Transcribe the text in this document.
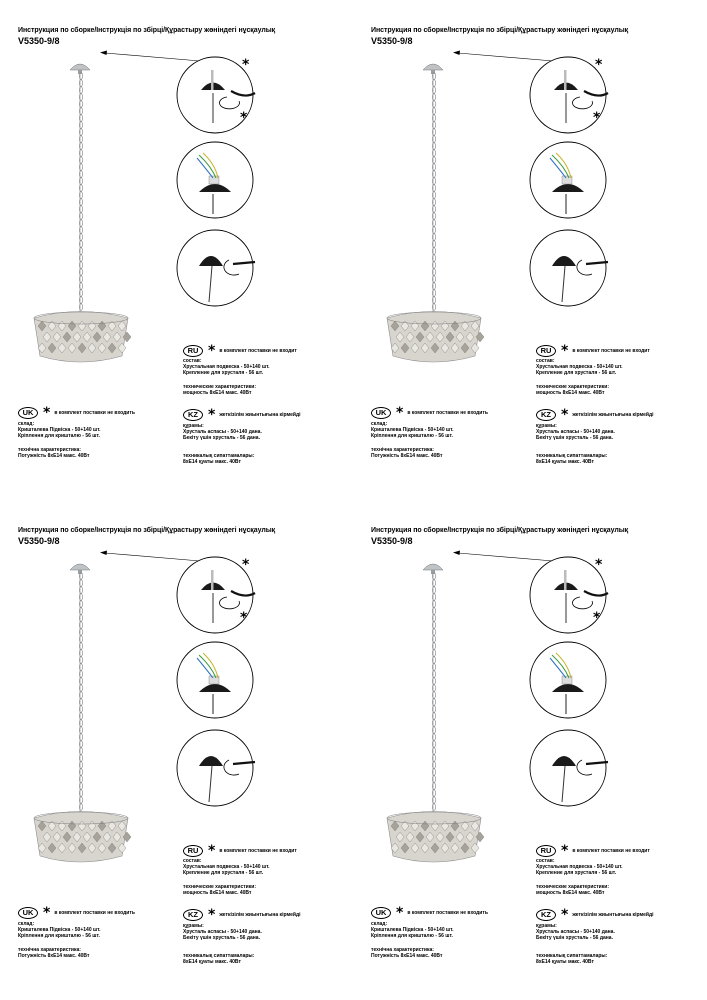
Инструкция по сборке/Інструкція по збірці/Құрастыру жөніндегі нұсқаулық
V5350-9/8
*
*
RU * в комплект поставки не входит
состав:
Хрустальная подвеска - 50+140 шт.
Крепление для хрусталя - 56 шт.
технические характеристики:
мощность 8хЕ14 макс. 40Вт
UK * в комплект поставки не входить
склад:
Кришталева Підвіска - 50+140 шт.
Кріплення для кришталю - 56 шт.
технічна характеристика:
Потужність 8хЕ14 макс. 40Вт
KZ * жеткізілім жиынтығына кірмейді
құрамы:
Хрусталь аспасы - 50+140 дана.
Бекіту үшін хрусталь - 56 дана.
техникалық сипаттамалары:
8хЕ14 қуаты макс. 40Вт
Инструкция по сборке/Інструкція по збірці/Құрастыру жөніндегі нұсқаулық
V5350-9/8
*
*
RU * в комплект поставки не входит
состав:
Хрустальная подвеска - 50+140 шт.
Крепление для хрусталя - 56 шт.
технические характеристики:
мощность 8хЕ14 макс. 40Вт
UK * в комплект поставки не входить
склад:
Кришталева Підвіска - 50+140 шт.
Кріплення для кришталю - 56 шт.
технічна характеристика:
Потужність 8хЕ14 макс. 40Вт
KZ * жеткізілім жиынтығына кірмейді
құрамы:
Хрусталь аспасы - 50+140 дана.
Бекіту үшін хрусталь - 56 дана.
техникалық сипаттамалары:
8хЕ14 қуаты макс. 40Вт
Инструкция по сборке/Інструкція по збірці/Құрастыру жөніндегі нұсқаулық
V5350-9/8
*
*
RU * в комплект поставки не входит
состав:
Хрустальная подвеска - 50+140 шт.
Крепление для хрусталя - 56 шт.
технические характеристики:
мощность 8хЕ14 макс. 40Вт
UK * в комплект поставки не входить
склад:
Кришталева Підвіска - 50+140 шт.
Кріплення для кришталю - 56 шт.
технічна характеристика:
Потужність 8хЕ14 макс. 40Вт
KZ * жеткізілім жиынтығына кірмейді
құрамы:
Хрусталь аспасы - 50+140 дана.
Бекіту үшін хрусталь - 56 дана.
техникалық сипаттамалары:
8хЕ14 қуаты макс. 40Вт
Инструкция по сборке/Інструкція по збірці/Құрастыру жөніндегі нұсқаулық
V5350-9/8
*
*
RU * в комплект поставки не входит
состав:
Хрустальная подвеска - 50+140 шт.
Крепление для хрусталя - 56 шт.
технические характеристики:
мощность 8хЕ14 макс. 40Вт
UK * в комплект поставки не входить
склад:
Кришталева Підвіска - 50+140 шт.
Кріплення для кришталю - 56 шт.
технічна характеристика:
Потужність 8хЕ14 макс. 40Вт
KZ * жеткізілім жиынтығына кірмейді
құрамы:
Хрусталь аспасы - 50+140 дана.
Бекіту үшін хрусталь - 56 дана.
техникалық сипаттамалары:
8хЕ14 қуаты макс. 40Вт
